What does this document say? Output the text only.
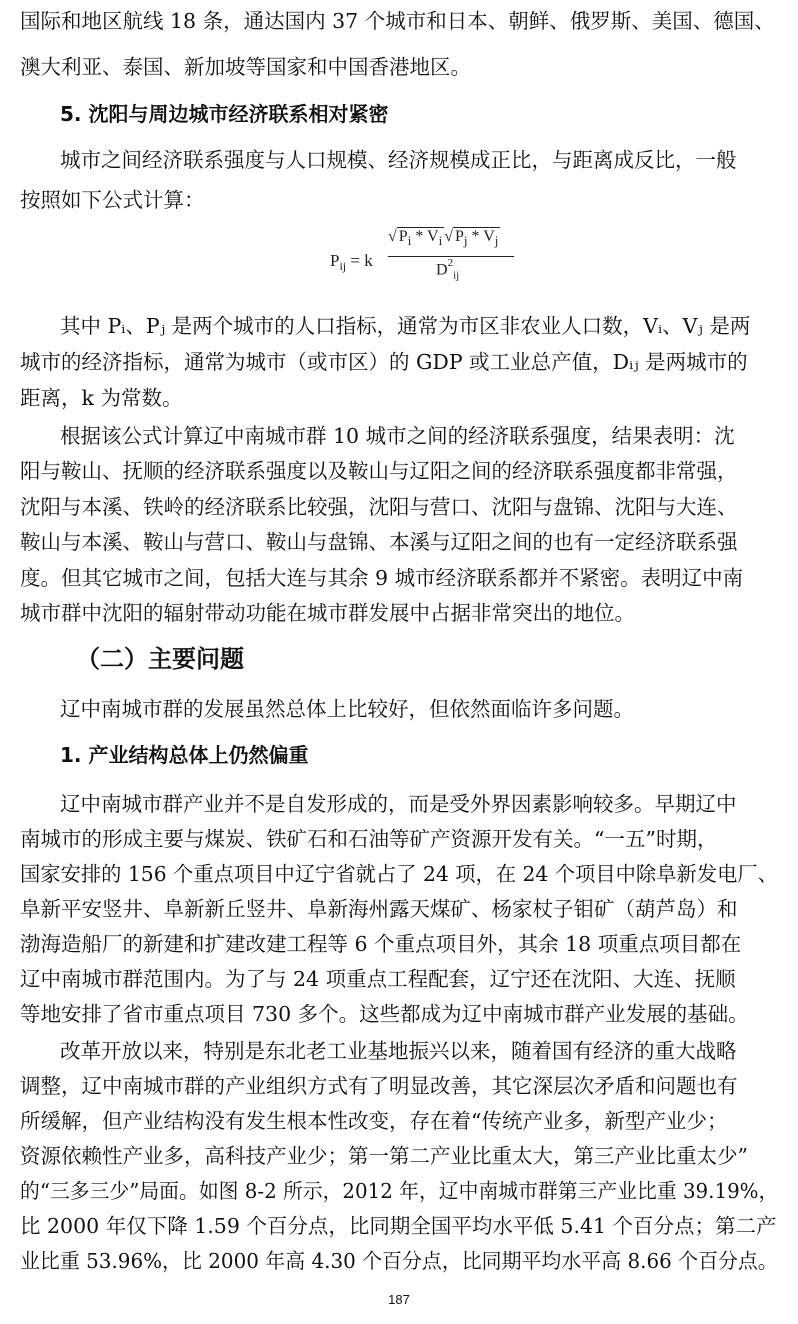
国际和地区航线 18 条，通达国内 37 个城市和日本、朝鲜、俄罗斯、美国、德国、
澳大利亚、泰国、新加坡等国家和中国香港地区。
5. 沈阳与周边城市经济联系相对紧密
城市之间经济联系强度与人口规模、经济规模成正比，与距离成反比，一般
按照如下公式计算：
$P_{ij} = k$
√ $P_i * V_i$ √ $P_j * V_j$
$D^2_{ij}$
其中 Pᵢ、Pⱼ 是两个城市的人口指标，通常为市区非农业人口数，Vᵢ、Vⱼ 是两
城市的经济指标，通常为城市（或市区）的 GDP 或工业总产值，Dᵢⱼ 是两城市的
距离，k 为常数。
根据该公式计算辽中南城市群 10 城市之间的经济联系强度，结果表明：沈
阳与鞍山、抚顺的经济联系强度以及鞍山与辽阳之间的经济联系强度都非常强，
沈阳与本溪、铁岭的经济联系比较强，沈阳与营口、沈阳与盘锦、沈阳与大连、
鞍山与本溪、鞍山与营口、鞍山与盘锦、本溪与辽阳之间的也有一定经济联系强
度。但其它城市之间，包括大连与其余 9 城市经济联系都并不紧密。表明辽中南
城市群中沈阳的辐射带动功能在城市群发展中占据非常突出的地位。
（二）主要问题
辽中南城市群的发展虽然总体上比较好，但依然面临许多问题。
1. 产业结构总体上仍然偏重
辽中南城市群产业并不是自发形成的，而是受外界因素影响较多。早期辽中
南城市的形成主要与煤炭、铁矿石和石油等矿产资源开发有关。“一五”时期，
国家安排的 156 个重点项目中辽宁省就占了 24 项，在 24 个项目中除阜新发电厂、
阜新平安竖井、阜新新丘竖井、阜新海州露天煤矿、杨家杖子钼矿（葫芦岛）和
渤海造船厂的新建和扩建改建工程等 6 个重点项目外，其余 18 项重点项目都在
辽中南城市群范围内。为了与 24 项重点工程配套，辽宁还在沈阳、大连、抚顺
等地安排了省市重点项目 730 多个。这些都成为辽中南城市群产业发展的基础。
改革开放以来，特别是东北老工业基地振兴以来，随着国有经济的重大战略
调整，辽中南城市群的产业组织方式有了明显改善，其它深层次矛盾和问题也有
所缓解，但产业结构没有发生根本性改变，存在着“传统产业多，新型产业少；
资源依赖性产业多，高科技产业少；第一第二产业比重太大，第三产业比重太少”
的“三多三少”局面。如图 8-2 所示，2012 年，辽中南城市群第三产业比重 39.19%，
比 2000 年仅下降 1.59 个百分点，比同期全国平均水平低 5.41 个百分点；第二产
业比重 53.96%，比 2000 年高 4.30 个百分点，比同期平均水平高 8.66 个百分点。
187
